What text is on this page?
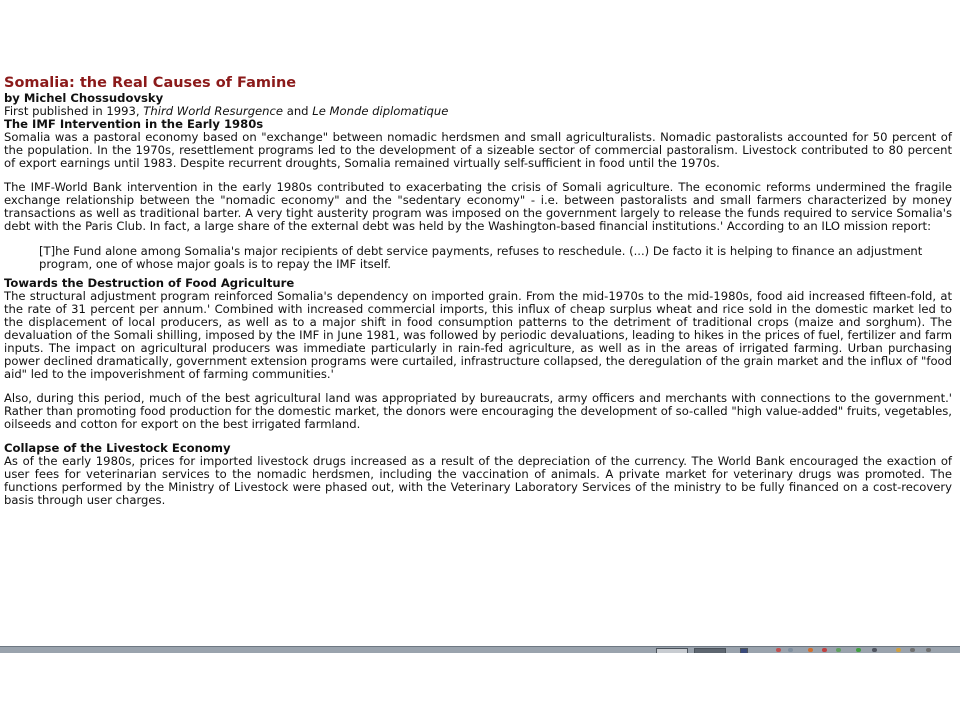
Somalia: the Real Causes of Famine

by Michel Chossudovsky

First published in 1993, Third World Resurgence and Le Monde diplomatique

The IMF Intervention in the Early 1980s

Somalia was a pastoral economy based on "exchange" between nomadic herdsmen and small agriculturalists. Nomadic pastoralists accounted for 50 percent of the population. In the 1970s, resettlement programs led to the development of a sizeable sector of commercial pastoralism. Livestock contributed to 80 percent of export earnings until 1983. Despite recurrent droughts, Somalia remained virtually self-sufficient in food until the 1970s.

The IMF-World Bank intervention in the early 1980s contributed to exacerbating the crisis of Somali agriculture. The economic reforms undermined the fragile exchange relationship between the "nomadic economy" and the "sedentary economy" - i.e. between pastoralists and small farmers characterized by money transactions as well as traditional barter. A very tight austerity program was imposed on the government largely to release the funds required to service Somalia's debt with the Paris Club. In fact, a large share of the external debt was held by the Washington-based financial institutions.' According to an ILO mission report:

[T]he Fund alone among Somalia's major recipients of debt service payments, refuses to reschedule. (...) De facto it is helping to finance an adjustment program, one of whose major goals is to repay the IMF itself.

Towards the Destruction of Food Agriculture

The structural adjustment program reinforced Somalia's dependency on imported grain. From the mid-1970s to the mid-1980s, food aid increased fifteen-fold, at the rate of 31 percent per annum.' Combined with increased commercial imports, this influx of cheap surplus wheat and rice sold in the domestic market led to the displacement of local producers, as well as to a major shift in food consumption patterns to the detriment of traditional crops (maize and sorghum). The devaluation of the Somali shilling, imposed by the IMF in June 1981, was followed by periodic devaluations, leading to hikes in the prices of fuel, fertilizer and farm inputs. The impact on agricultural producers was immediate particularly in rain-fed agriculture, as well as in the areas of irrigated farming. Urban purchasing power declined dramatically, government extension programs were curtailed, infrastructure collapsed, the deregulation of the grain market and the influx of "food aid" led to the impoverishment of farming communities.'

Also, during this period, much of the best agricultural land was appropriated by bureaucrats, army officers and merchants with connections to the government.' Rather than promoting food production for the domestic market, the donors were encouraging the development of so-called "high value-added" fruits, vegetables, oilseeds and cotton for export on the best irrigated farmland.

Collapse of the Livestock Economy

As of the early 1980s, prices for imported livestock drugs increased as a result of the depreciation of the currency. The World Bank encouraged the exaction of user fees for veterinarian services to the nomadic herdsmen, including the vaccination of animals. A private market for veterinary drugs was promoted. The functions performed by the Ministry of Livestock were phased out, with the Veterinary Laboratory Services of the ministry to be fully financed on a cost-recovery basis through user charges.
